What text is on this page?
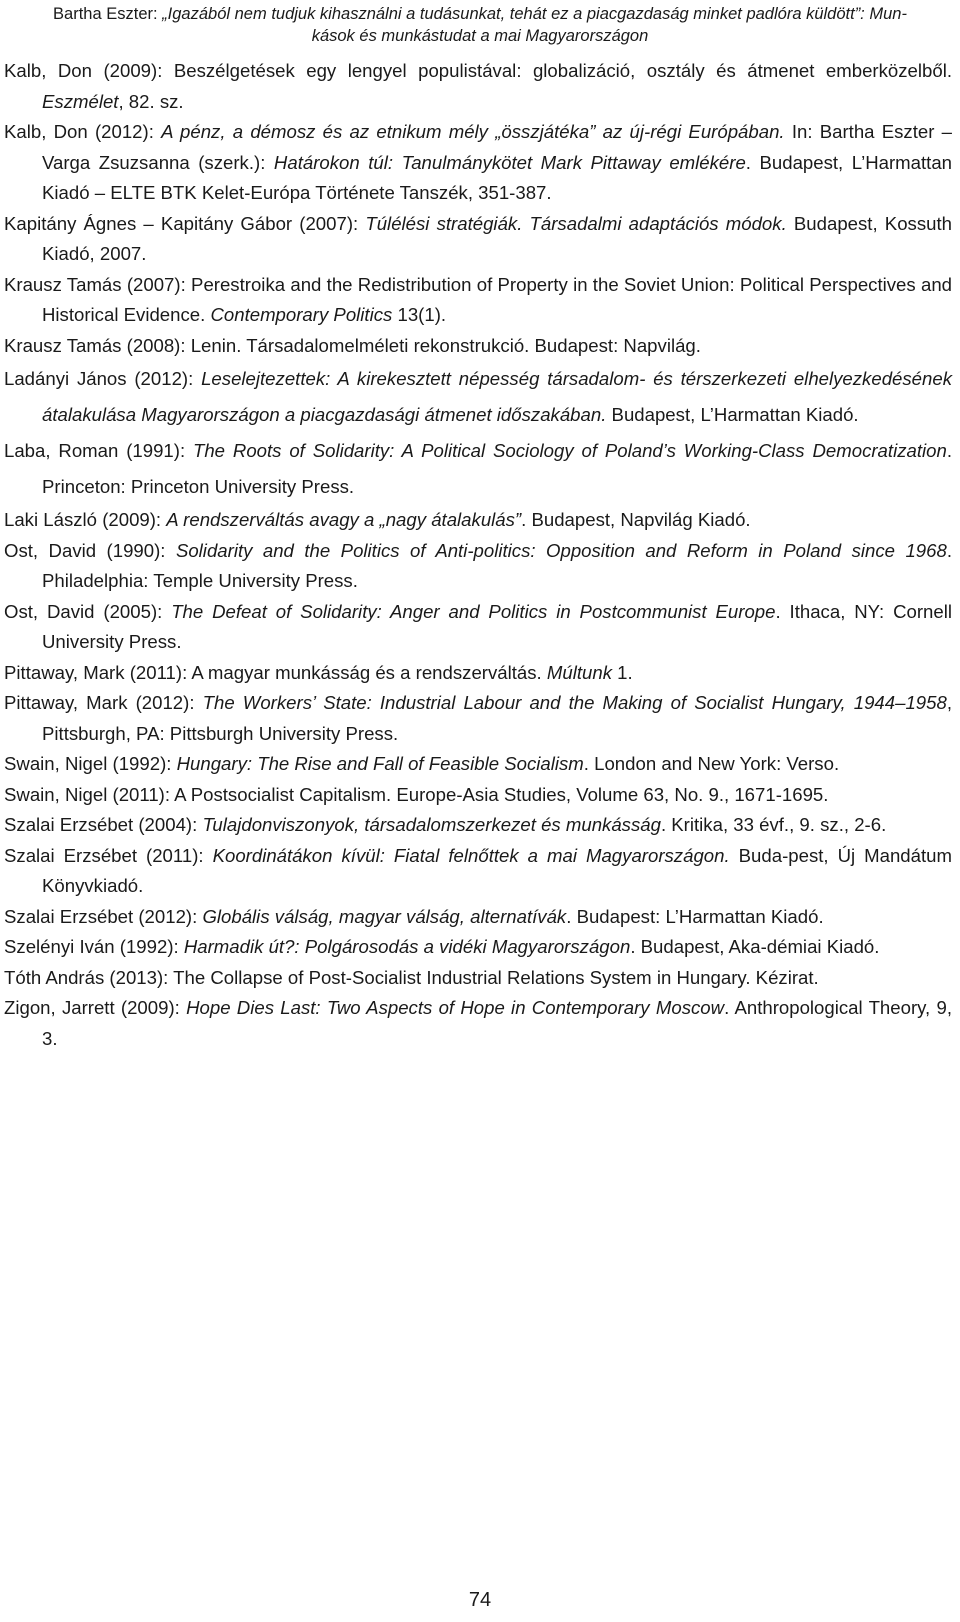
Bartha Eszter: „Igazából nem tudjuk kihasználni a tudásunkat, tehát ez a piacgazdaság minket padlóra küldött”: Mun-
kások és munkástudat a mai Magyarországon

Kalb, Don (2009): Beszélgetések egy lengyel populistával: globalizáció, osztály és átmenet emberközelből. Eszmélet, 82. sz.

Kalb, Don (2012): A pénz, a démosz és az etnikum mély „összjátéka” az új-régi Európában. In: Bartha Eszter – Varga Zsuzsanna (szerk.): Határokon túl: Tanulmánykötet Mark Pittaway emlékére. Budapest, L’Harmattan Kiadó – ELTE BTK Kelet-Európa Története Tanszék, 351-387.

Kapitány Ágnes – Kapitány Gábor (2007): Túlélési stratégiák. Társadalmi adaptációs módok. Budapest, Kossuth Kiadó, 2007.

Krausz Tamás (2007): Perestroika and the Redistribution of Property in the Soviet Union: Political Perspectives and Historical Evidence. Contemporary Politics 13(1).

Krausz Tamás (2008): Lenin. Társadalomelméleti rekonstrukció. Budapest: Napvilág.

Ladányi János (2012): Leselejtezettek: A kirekesztett népesség társadalom- és térszerkezeti elhelyezkedésének átalakulása Magyarországon a piacgazdasági átmenet időszakában. Budapest, L’Harmattan Kiadó.

Laba, Roman (1991): The Roots of Solidarity: A Political Sociology of Poland’s Working-Class Democratization. Princeton: Princeton University Press.

Laki László (2009): A rendszerváltás avagy a „nagy átalakulás”. Budapest, Napvilág Kiadó.

Ost, David (1990): Solidarity and the Politics of Anti-politics: Opposition and Reform in Poland since 1968. Philadelphia: Temple University Press.

Ost, David (2005): The Defeat of Solidarity: Anger and Politics in Postcommunist Europe. Ithaca, NY: Cornell University Press.

Pittaway, Mark (2011): A magyar munkásság és a rendszerváltás. Múltunk 1.

Pittaway, Mark (2012): The Workers’ State: Industrial Labour and the Making of Socialist Hungary, 1944–1958, Pittsburgh, PA: Pittsburgh University Press.

Swain, Nigel (1992): Hungary: The Rise and Fall of Feasible Socialism. London and New York: Verso.

Swain, Nigel (2011): A Postsocialist Capitalism. Europe-Asia Studies, Volume 63, No. 9., 1671-1695.

Szalai Erzsébet (2004): Tulajdonviszonyok, társadalomszerkezet és munkásság. Kritika, 33 évf., 9. sz., 2-6.

Szalai Erzsébet (2011): Koordinátákon kívül: Fiatal felnőttek a mai Magyarországon. Buda-pest, Új Mandátum Könyvkiadó.

Szalai Erzsébet (2012): Globális válság, magyar válság, alternatívák. Budapest: L’Harmattan Kiadó.

Szelényi Iván (1992): Harmadik út?: Polgárosodás a vidéki Magyarországon. Budapest, Aka-démiai Kiadó.

Tóth András (2013): The Collapse of Post-Socialist Industrial Relations System in Hungary. Kézirat.

Zigon, Jarrett (2009): Hope Dies Last: Two Aspects of Hope in Contemporary Moscow. Anthropological Theory, 9, 3.

74
